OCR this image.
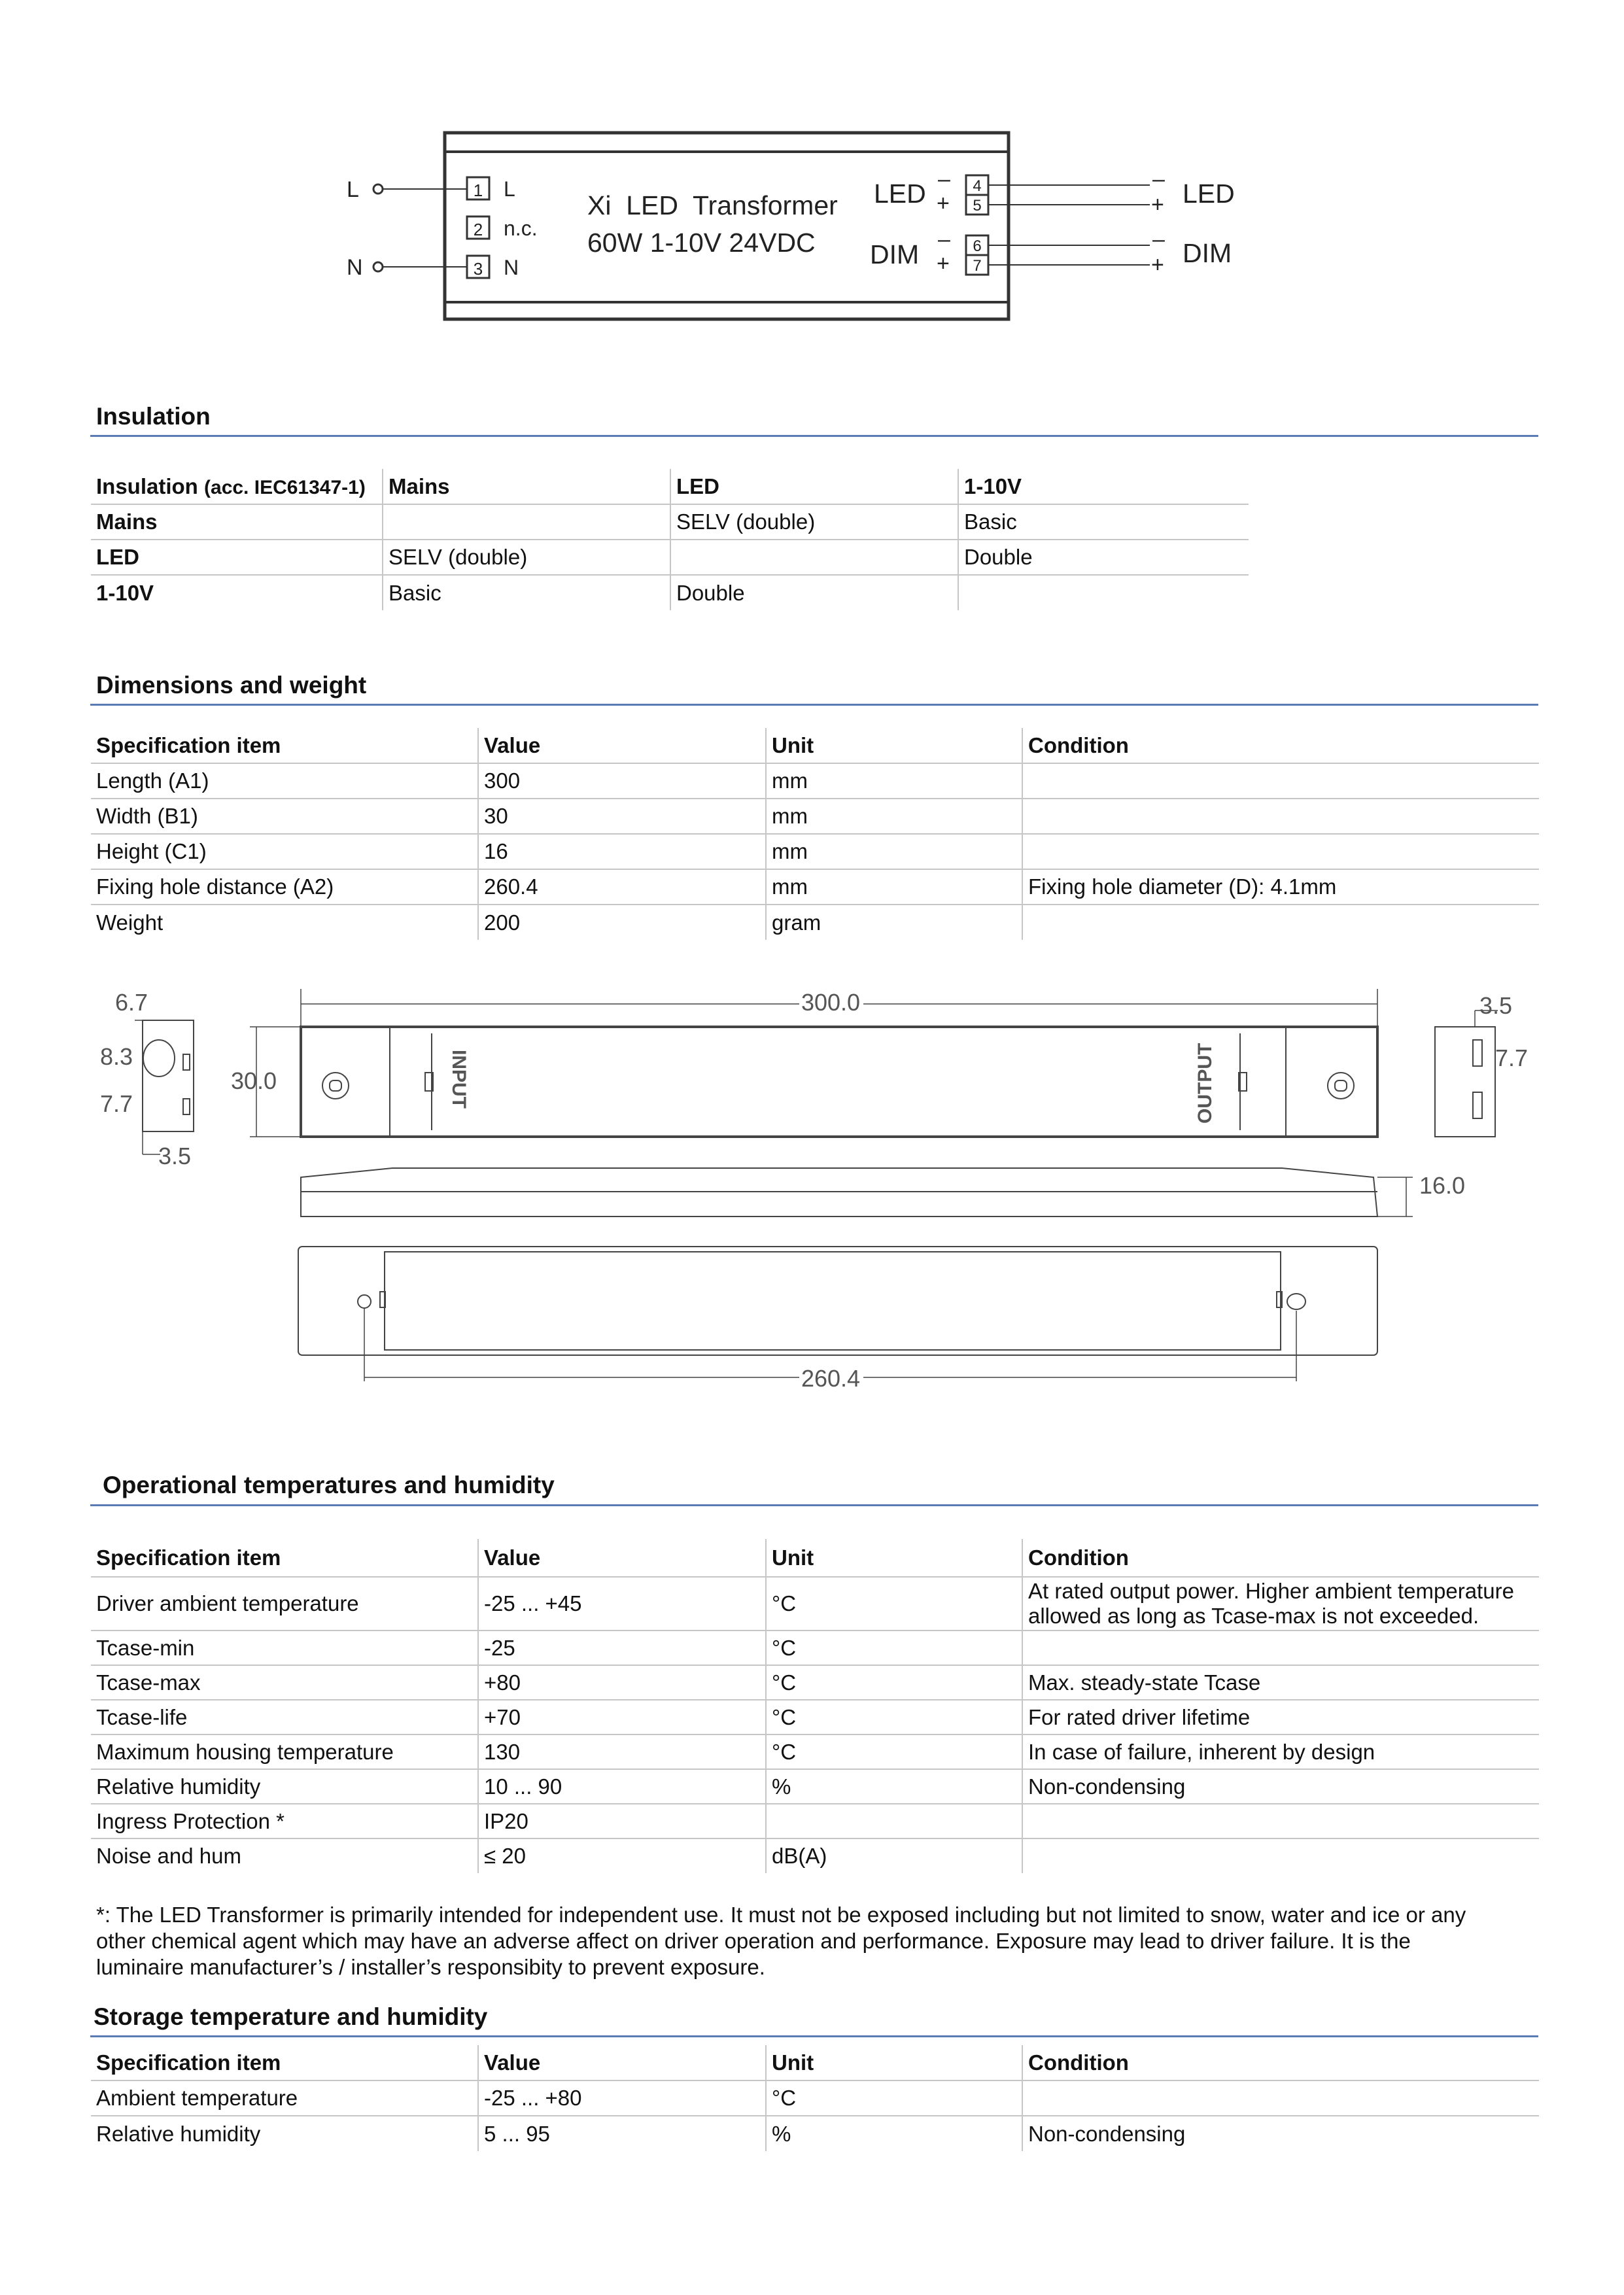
L
N
1
2
3
L
n.c.
N
Xi  LED  Transformer
60W 1-10V 24VDC
LED
DIM
–
+
–
+
4
5
6
7
–
+
–
+
LED
DIM
Insulation
Insulation (acc. IEC61347-1)	Mains	LED	1-10V
Mains		SELV (double)	Basic
LED	SELV (double)		Double
1-10V	Basic	Double	
Dimensions and weight
Specification item	Value	Unit	Condition
Length (A1)	300	mm	
Width (B1)	30	mm	
Height (C1)	16	mm	
Fixing hole distance (A2)	260.4	mm	Fixing hole diameter (D): 4.1mm
Weight	200	gram	
300.0
30.0
16.0
260.4
6.7
8.3
7.7
3.5
3.5
7.7
INPUT	OUTPUT
Operational temperatures and humidity
Specification item	Value	Unit	Condition
Driver ambient temperature	-25 ... +45	°C	At rated output power. Higher ambient temperature allowed as long as Tcase-max is not exceeded.
Tcase-min	-25	°C	
Tcase-max	+80	°C	Max. steady-state Tcase
Tcase-life	+70	°C	For rated driver lifetime
Maximum housing temperature	130	°C	In case of failure, inherent by design
Relative humidity	10 ... 90	%	Non-condensing
Ingress Protection *	IP20		
Noise and hum	≤ 20	dB(A)	
*: The LED Transformer is primarily intended for independent use. It must not be exposed including but not limited to snow, water and ice or any other chemical agent which may have an adverse affect on driver operation and performance. Exposure may lead to driver failure. It is the luminaire manufacturer’s / installer’s responsibity to prevent exposure.
Storage temperature and humidity
Specification item	Value	Unit	Condition
Ambient temperature	-25 ... +80	°C	
Relative humidity	5 ... 95	%	Non-condensing
